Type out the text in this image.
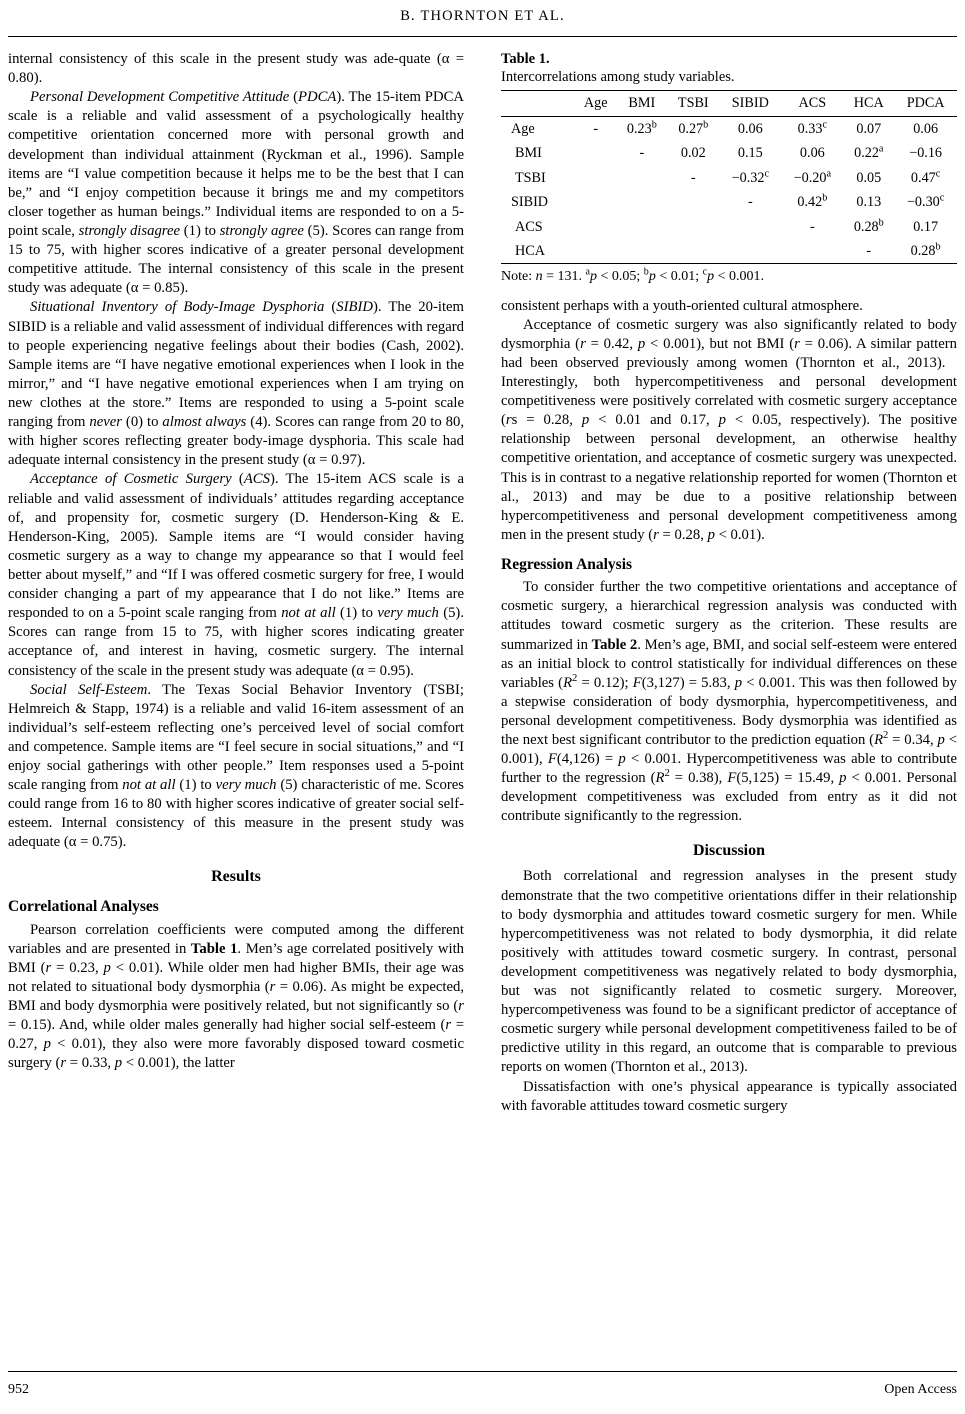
B. THORNTON ET AL.

internal consistency of this scale in the present study was ade-quate (α = 0.80).

Personal Development Competitive Attitude (PDCA). The 15-item PDCA scale is a reliable and valid assessment of a psychologically healthy competitive orientation concerned more with personal growth and development than individual attainment (Ryckman et al., 1996). Sample items are “I value competition because it helps me to be the best that I can be,” and “I enjoy competition because it brings me and my competitors closer together as human beings.” Individual items are responded to on a 5-point scale, strongly disagree (1) to strongly agree (5). Scores can range from 15 to 75, with higher scores indicative of a greater personal development competitive attitude. The internal consistency of this scale in the present study was adequate (α = 0.85).

Situational Inventory of Body-Image Dysphoria (SIBID). The 20-item SIBID is a reliable and valid assessment of individual differences with regard to people experiencing negative feelings about their bodies (Cash, 2002). Sample items are “I have negative emotional experiences when I look in the mirror,” and “I have negative emotional experiences when I am trying on new clothes at the store.” Items are responded to using a 5-point scale ranging from never (0) to almost always (4). Scores can range from 20 to 80, with higher scores reflecting greater body-image dysphoria. This scale had adequate internal consistency in the present study (α = 0.97).

Acceptance of Cosmetic Surgery (ACS). The 15-item ACS scale is a reliable and valid assessment of individuals’ attitudes regarding acceptance of, and propensity for, cosmetic surgery (D. Henderson-King & E. Henderson-King, 2005). Sample items are “I would consider having cosmetic surgery as a way to change my appearance so that I would feel better about myself,” and “If I was offered cosmetic surgery for free, I would consider changing a part of my appearance that I do not like.” Items are responded to on a 5-point scale ranging from not at all (1) to very much (5). Scores can range from 15 to 75, with higher scores indicating greater acceptance of, and interest in having, cosmetic surgery. The internal consistency of the scale in the present study was adequate (α = 0.95).

Social Self-Esteem. The Texas Social Behavior Inventory (TSBI; Helmreich & Stapp, 1974) is a reliable and valid 16-item assessment of an individual’s self-esteem reflecting one’s perceived level of social comfort and competence. Sample items are “I feel secure in social situations,” and “I enjoy social gatherings with other people.” Item responses used a 5-point scale ranging from not at all (1) to very much (5) characteristic of me. Scores could range from 16 to 80 with higher scores indicative of greater social self-esteem. Internal consistency of this measure in the present study was adequate (α = 0.75).

Results
Correlational Analyses

Pearson correlation coefficients were computed among the different variables and are presented in Table 1. Men’s age correlated positively with BMI (r = 0.23, p < 0.01). While older men had higher BMIs, their age was not related to situational body dysmorphia (r = 0.06). As might be expected, BMI and body dysmorphia were positively related, but not significantly so (r = 0.15). And, while older males generally had higher social self-esteem (r = 0.27, p < 0.01), they also were more favorably disposed toward cosmetic surgery (r = 0.33, p < 0.001), the latter

Table 1.
Intercorrelations among study variables.
	Age	BMI	TSBI	SIBID	ACS	HCA	PDCA
Age	-	0.23$^b$	0.27$^b$	0.06	0.33$^c$	0.07	0.06
BMI		-	0.02	0.15	0.06	0.22$^a$	−0.16
TSBI			-	−0.32$^c$	−0.20$^a$	0.05	0.47$^c$
SIBID				-	0.42$^b$	0.13	−0.30$^c$
ACS					-	0.28$^b$	0.17
HCA						-	0.28$^b$
Note: n = 131. $^a$p < 0.05; $^b$p < 0.01; $^c$p < 0.001.

consistent perhaps with a youth-oriented cultural atmosphere.

Acceptance of cosmetic surgery was also significantly related to body dysmorphia (r = 0.42, p < 0.001), but not BMI (r = 0.06). A similar pattern had been observed previously among women (Thornton et al., 2013).   Interestingly, both hypercompetitiveness and personal development competitiveness were positively correlated with cosmetic surgery acceptance (rs = 0.28, p < 0.01 and 0.17, p < 0.05, respectively). The positive relationship between personal development, an otherwise healthy competitive orientation, and acceptance of cosmetic surgery was unexpected. This is in contrast to a negative relationship reported for women (Thornton et al., 2013) and may be due to a positive relationship between hypercompetitiveness and personal development competitiveness among men in the present study (r = 0.28, p < 0.01).

Regression Analysis

To consider further the two competitive orientations and acceptance of cosmetic surgery, a hierarchical regression analysis was conducted with attitudes toward cosmetic surgery as the criterion. These results are summarized in Table 2. Men’s age, BMI, and social self-esteem were entered as an initial block to control statistically for individual differences on these variables $(R^2 = 0.12)$; F(3,127) = 5.83, p < 0.001. This was then followed by a stepwise consideration of body dysmorphia, hypercompetitiveness, and personal development competitiveness. Body dysmorphia was identified as the next best significant contributor to the prediction equation ($R^2 = 0.34$, p < 0.001), F(4,126) = p < 0.001. Hypercompetitiveness was able to contribute further to the regression $(R^2 = 0.38)$, F(5,125) = 15.49, p < 0.001. Personal development competitiveness was excluded from entry as it did not contribute significantly to the regression.

Discussion

Both correlational and regression analyses in the present study demonstrate that the two competitive orientations differ in their relationship to body dysmorphia and attitudes toward cosmetic surgery for men. While hypercompetitiveness was not related to body dysmorphia, it did relate positively with attitudes toward cosmetic surgery. In contrast, personal development competitiveness was negatively related to body dysmorphia, but was not significantly related to cosmetic surgery. Moreover, hypercompetiveness was found to be a significant predictor of acceptance of cosmetic surgery while personal development competitiveness failed to be of predictive utility in this regard, an outcome that is comparable to previous reports on women (Thornton et al., 2013).

Dissatisfaction with one’s physical appearance is typically associated with favorable attitudes toward cosmetic surgery

952	Open Access
